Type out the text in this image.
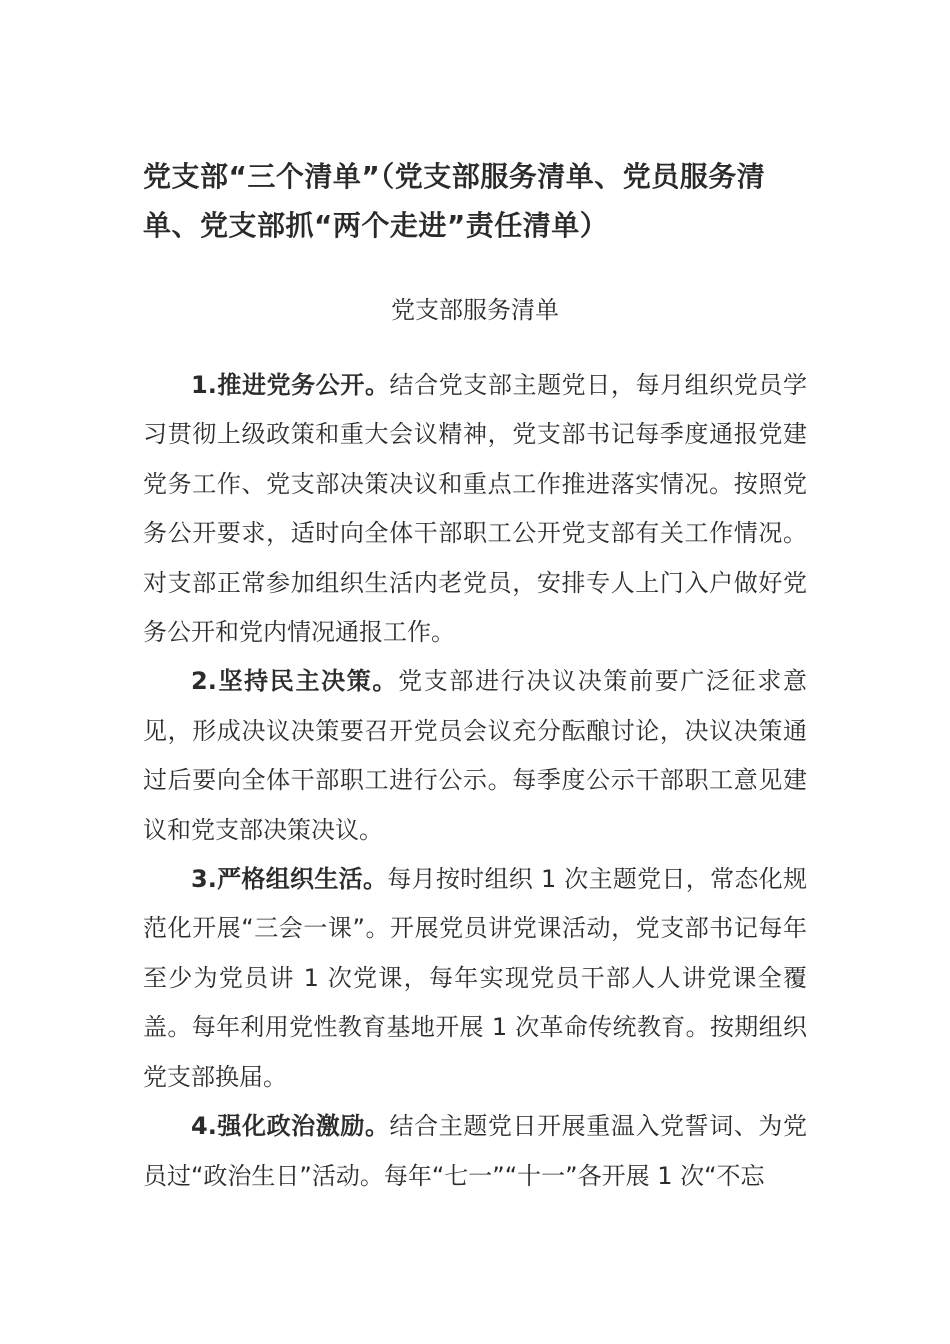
党支部“三个清单”（党支部服务清单、党员服务清单、党支部抓“两个走进”责任清单）
党支部服务清单

1.推进党务公开。结合党支部主题党日，每月组织党员学习贯彻上级政策和重大会议精神，党支部书记每季度通报党建党务工作、党支部决策决议和重点工作推进落实情况。按照党务公开要求，适时向全体干部职工公开党支部有关工作情况。对支部正常参加组织生活内老党员，安排专人上门入户做好党务公开和党内情况通报工作。

2.坚持民主决策。党支部进行决议决策前要广泛征求意见，形成决议决策要召开党员会议充分酝酿讨论，决议决策通过后要向全体干部职工进行公示。每季度公示干部职工意见建议和党支部决策决议。

3.严格组织生活。每月按时组织 1 次主题党日，常态化规范化开展“三会一课”。开展党员讲党课活动，党支部书记每年至少为党员讲 1 次党课，每年实现党员干部人人讲党课全覆盖。每年利用党性教育基地开展 1 次革命传统教育。按期组织党支部换届。

4.强化政治激励。结合主题党日开展重温入党誓词、为党员过“政治生日”活动。每年“七一”“十一”各开展 1 次“不忘
